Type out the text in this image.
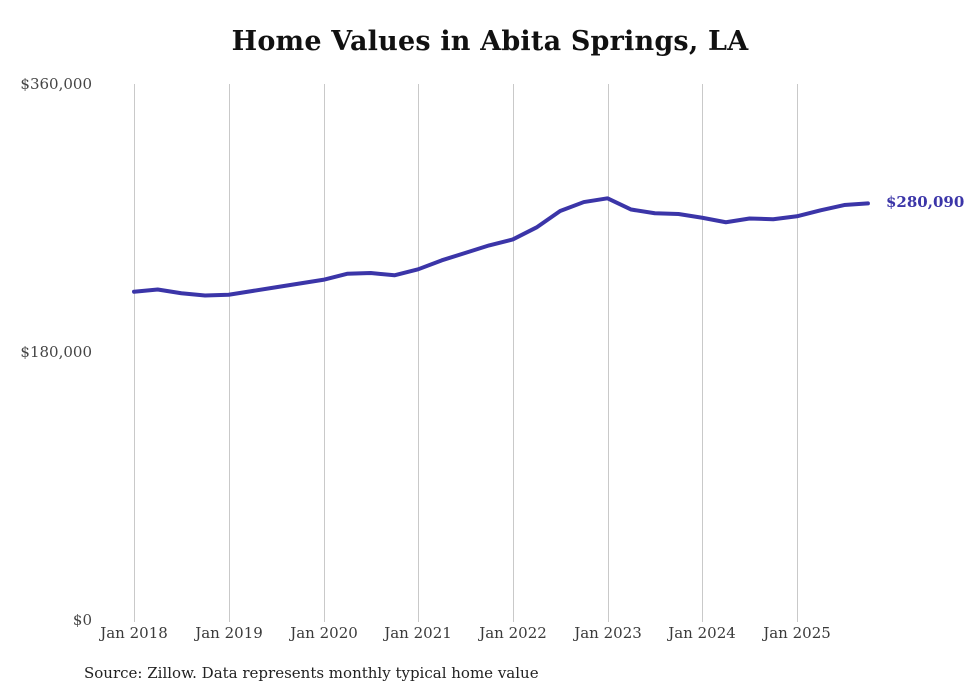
Home Values in Abita Springs, LA
$360,000
$180,000
$0
Jan 2018	Jan 2019	Jan 2020	Jan 2021	Jan 2022	Jan 2023	Jan 2024	Jan 2025
$280,090
Source: Zillow. Data represents monthly typical home value
